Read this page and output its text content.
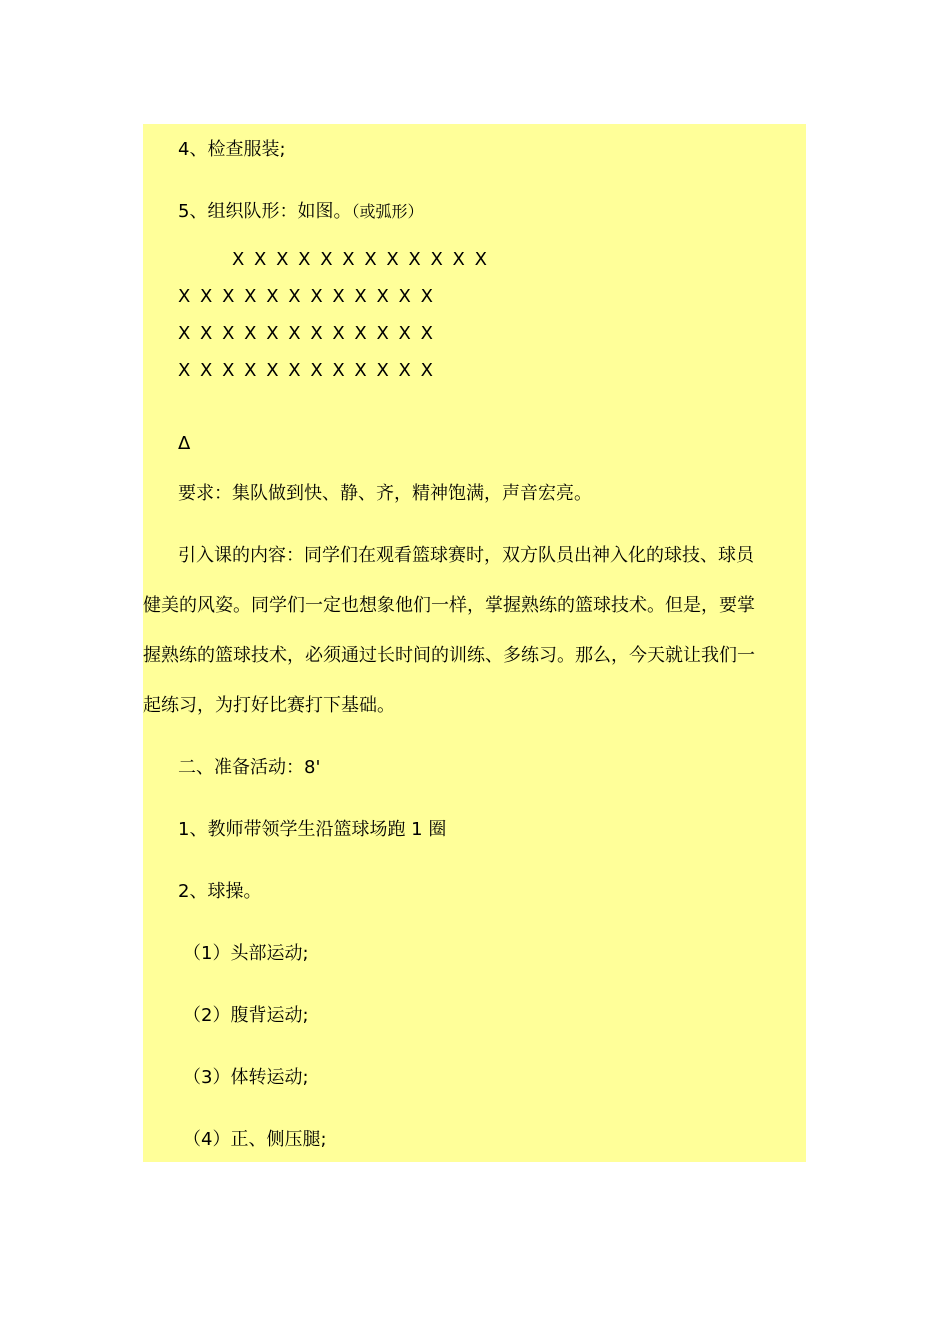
4、检查服装;
5、组织队形：如图。（或弧形）
X X X X X X X X X X X X
X X X X X X X X X X X X
X X X X X X X X X X X X
X X X X X X X X X X X X
Δ
要求：集队做到快、静、齐，精神饱满，声音宏亮。
引入课的内容：同学们在观看篮球赛时，双方队员出神入化的球技、球员
健美的风姿。同学们一定也想象他们一样，掌握熟练的篮球技术。但是，要掌
握熟练的篮球技术，必须通过长时间的训练、多练习。那么，今天就让我们一
起练习，为打好比赛打下基础。
二、准备活动：8'
1、教师带领学生沿篮球场跑 1 圈
2、球操。
（1）头部运动;
（2）腹背运动;
（3）体转运动;
（4）正、侧压腿;
